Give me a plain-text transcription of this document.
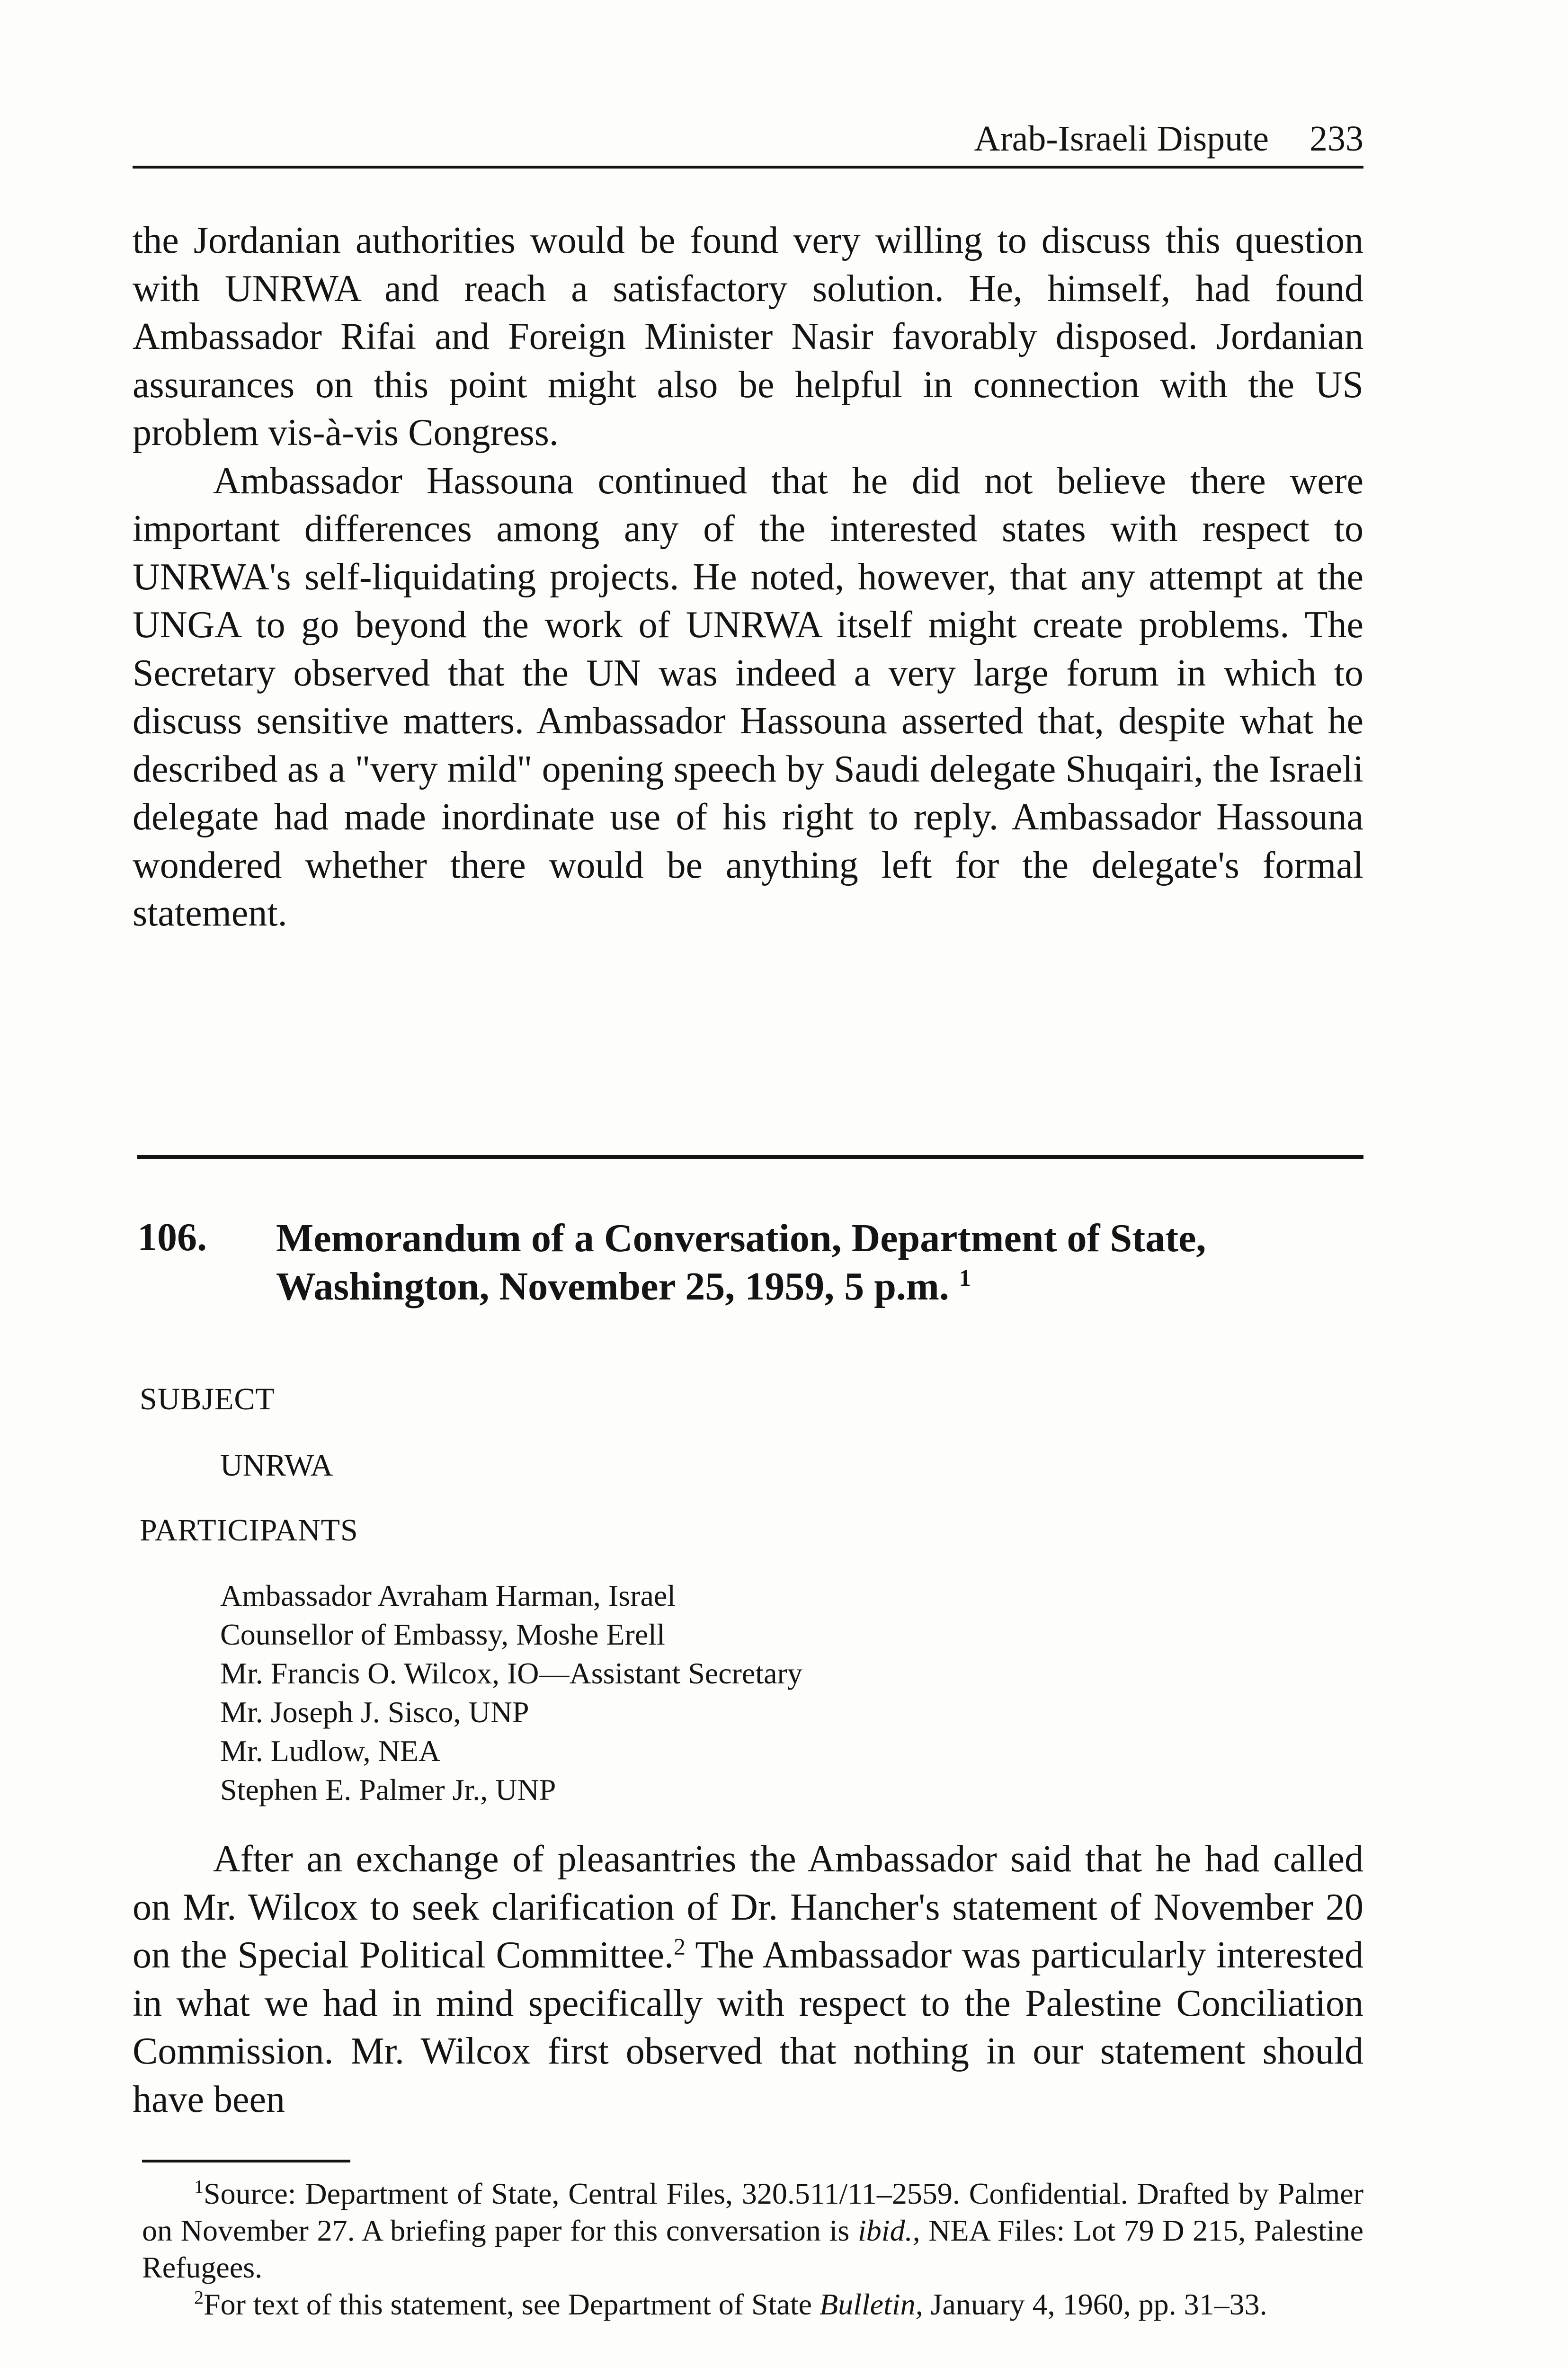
Arab-Israeli Dispute 233

the Jordanian authorities would be found very willing to discuss this question with UNRWA and reach a satisfactory solution. He, himself, had found Ambassador Rifai and Foreign Minister Nasir favorably disposed. Jordanian assurances on this point might also be helpful in connection with the US problem vis-à-vis Congress.

Ambassador Hassouna continued that he did not believe there were important differences among any of the interested states with respect to UNRWA's self-liquidating projects. He noted, however, that any attempt at the UNGA to go beyond the work of UNRWA itself might create problems. The Secretary observed that the UN was indeed a very large forum in which to discuss sensitive matters. Ambassador Hassouna asserted that, despite what he described as a "very mild" opening speech by Saudi delegate Shuqairi, the Israeli delegate had made inordinate use of his right to reply. Ambassador Hassouna wondered whether there would be anything left for the delegate's formal statement.

106. Memorandum of a Conversation, Department of State, Washington, November 25, 1959, 5 p.m. $^1$
SUBJECT
UNRWA
PARTICIPANTS
Ambassador Avraham Harman, Israel
Counsellor of Embassy, Moshe Erell
Mr. Francis O. Wilcox, IO—Assistant Secretary
Mr. Joseph J. Sisco, UNP
Mr. Ludlow, NEA
Stephen E. Palmer Jr., UNP

After an exchange of pleasantries the Ambassador said that he had called on Mr. Wilcox to seek clarification of Dr. Hancher's statement of November 20 on the Special Political Committee.$^2$ The Ambassador was particularly interested in what we had in mind specifically with respect to the Palestine Conciliation Commission. Mr. Wilcox first observed that nothing in our statement should have been

$^1$Source: Department of State, Central Files, 320.511/11–2559. Confidential. Drafted by Palmer on November 27. A briefing paper for this conversation is ibid., NEA Files: Lot 79 D 215, Palestine Refugees.

$^2$For text of this statement, see Department of State Bulletin, January 4, 1960, pp. 31–33.
